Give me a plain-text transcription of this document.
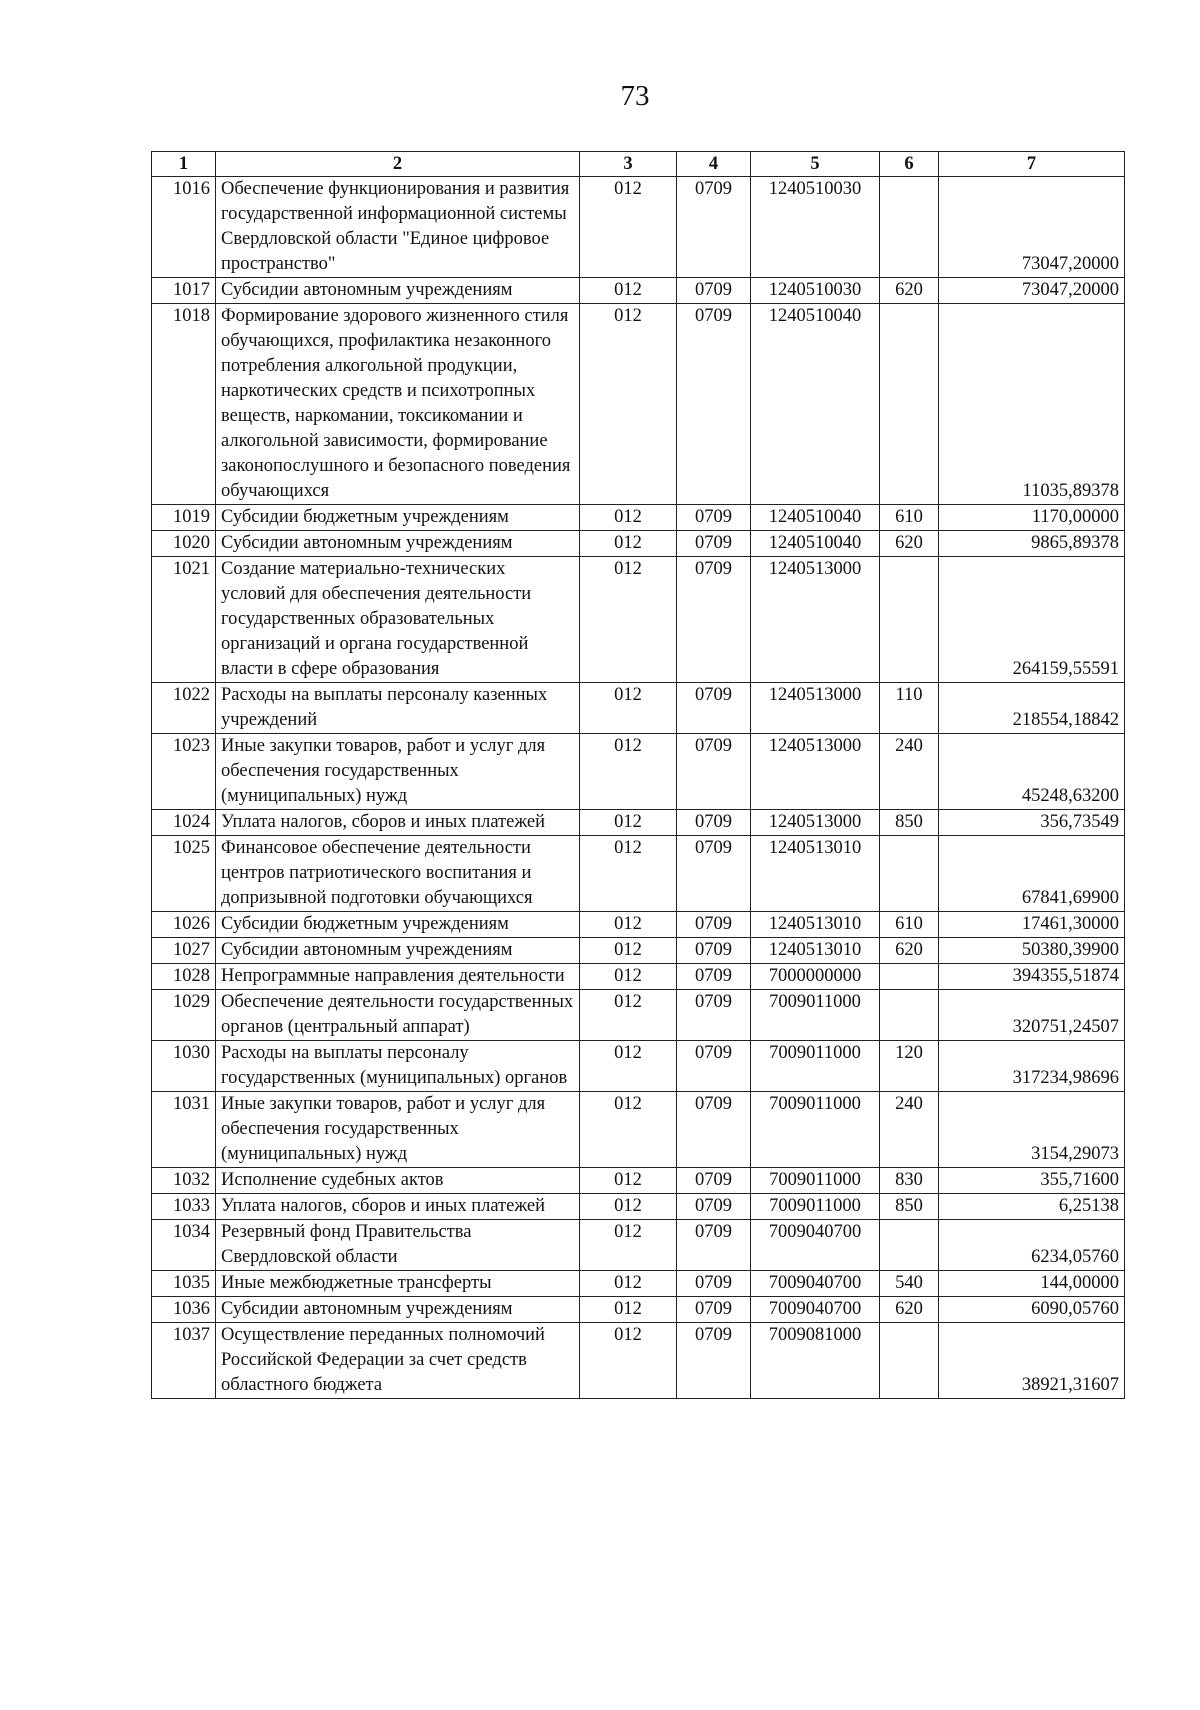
73
1	2	3	4	5	6	7
1016	Обеспечение функционирования и развития государственной информационной системы Свердловской области "Единое цифровое пространство"	012	0709	1240510030		73047,20000
1017	Субсидии автономным учреждениям	012	0709	1240510030	620	73047,20000
1018	Формирование здорового жизненного стиля обучающихся, профилактика незаконного потребления алкогольной продукции, наркотических средств и психотропных веществ, наркомании, токсикомании и алкогольной зависимости, формирование законопослушного и безопасного поведения обучающихся	012	0709	1240510040		11035,89378
1019	Субсидии бюджетным учреждениям	012	0709	1240510040	610	1170,00000
1020	Субсидии автономным учреждениям	012	0709	1240510040	620	9865,89378
1021	Создание материально-технических условий для обеспечения деятельности государственных образовательных организаций и органа государственной власти в сфере образования	012	0709	1240513000		264159,55591
1022	Расходы на выплаты персоналу казенных учреждений	012	0709	1240513000	110	218554,18842
1023	Иные закупки товаров, работ и услуг для обеспечения государственных (муниципальных) нужд	012	0709	1240513000	240	45248,63200
1024	Уплата налогов, сборов и иных платежей	012	0709	1240513000	850	356,73549
1025	Финансовое обеспечение деятельности центров патриотического воспитания и допризывной подготовки обучающихся	012	0709	1240513010		67841,69900
1026	Субсидии бюджетным учреждениям	012	0709	1240513010	610	17461,30000
1027	Субсидии автономным учреждениям	012	0709	1240513010	620	50380,39900
1028	Непрограммные направления деятельности	012	0709	7000000000		394355,51874
1029	Обеспечение деятельности государственных органов (центральный аппарат)	012	0709	7009011000		320751,24507
1030	Расходы на выплаты персоналу государственных (муниципальных) органов	012	0709	7009011000	120	317234,98696
1031	Иные закупки товаров, работ и услуг для обеспечения государственных (муниципальных) нужд	012	0709	7009011000	240	3154,29073
1032	Исполнение судебных актов	012	0709	7009011000	830	355,71600
1033	Уплата налогов, сборов и иных платежей	012	0709	7009011000	850	6,25138
1034	Резервный фонд Правительства Свердловской области	012	0709	7009040700		6234,05760
1035	Иные межбюджетные трансферты	012	0709	7009040700	540	144,00000
1036	Субсидии автономным учреждениям	012	0709	7009040700	620	6090,05760
1037	Осуществление переданных полномочий Российской Федерации за счет средств областного бюджета	012	0709	7009081000		38921,31607
